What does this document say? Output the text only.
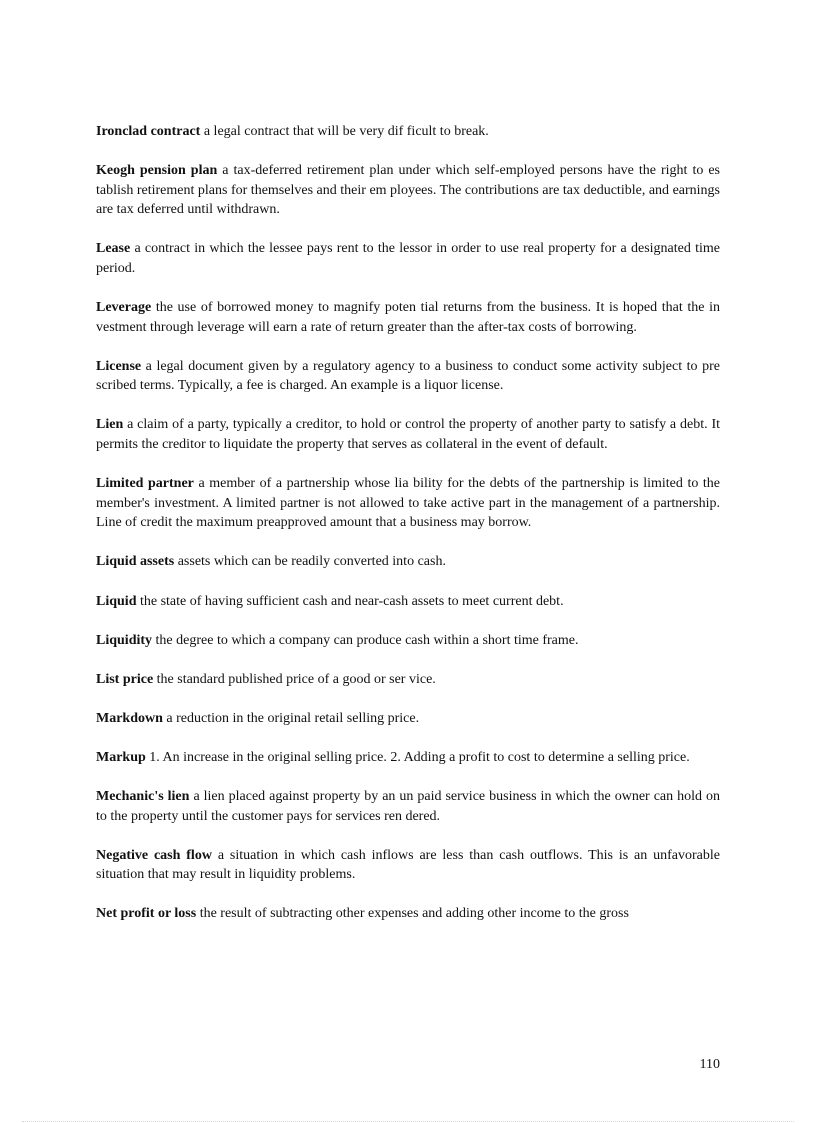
Ironclad contract a legal contract that will be very dif ficult to break.

Keogh pension plan a tax-deferred retirement plan under which self-employed persons have the right to es tablish retirement plans for themselves and their em ployees. The contributions are tax deductible, and earnings are tax deferred until withdrawn.

Lease a contract in which the lessee pays rent to the lessor in order to use real property for a designated time period.

Leverage the use of borrowed money to magnify poten tial returns from the business. It is hoped that the in vestment through leverage will earn a rate of return greater than the after-tax costs of borrowing.

License a legal document given by a regulatory agency to a business to conduct some activity subject to pre scribed terms. Typically, a fee is charged. An example is a liquor license.

Lien a claim of a party, typically a creditor, to hold or control the property of another party to satisfy a debt. It permits the creditor to liquidate the property that serves as collateral in the event of default.

Limited partner a member of a partnership whose lia bility for the debts of the partnership is limited to the member's investment. A limited partner is not allowed to take active part in the management of a partnership. Line of credit the maximum preapproved amount that a business may borrow.

Liquid assets assets which can be readily converted into cash.

Liquid the state of having sufficient cash and near-cash assets to meet current debt.

Liquidity the degree to which a company can produce cash within a short time frame.

List price the standard published price of a good or ser vice.

Markdown a reduction in the original retail selling price.

Markup 1. An increase in the original selling price. 2. Adding a profit to cost to determine a selling price.

Mechanic's lien a lien placed against property by an un paid service business in which the owner can hold on to the property until the customer pays for services ren dered.

Negative cash flow a situation in which cash inflows are less than cash outflows. This is an unfavorable situation that may result in liquidity problems.

Net profit or loss the result of subtracting other expenses and adding other income to the gross

110
